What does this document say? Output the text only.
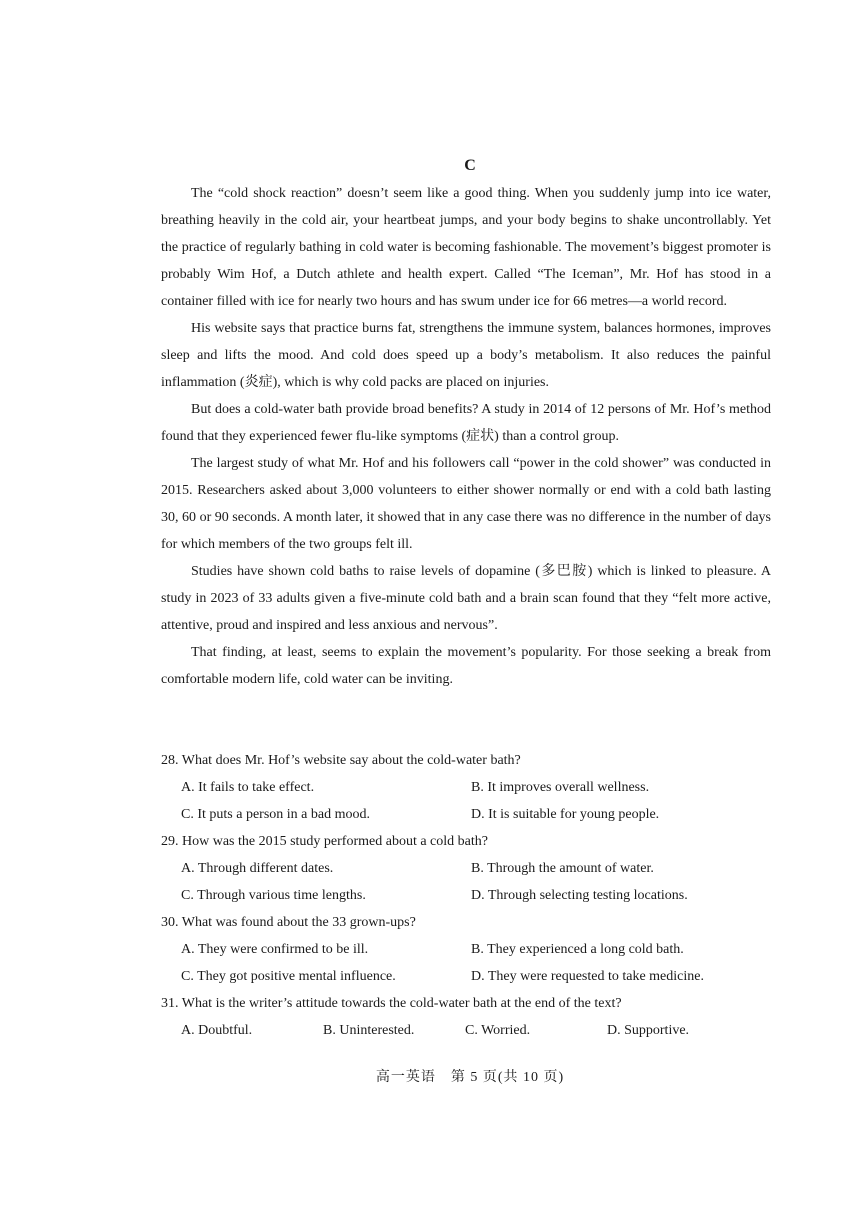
C

The “cold shock reaction” doesn’t seem like a good thing. When you suddenly jump into ice water, breathing heavily in the cold air, your heartbeat jumps, and your body begins to shake uncontrollably. Yet the practice of regularly bathing in cold water is becoming fashionable. The movement’s biggest promoter is probably Wim Hof, a Dutch athlete and health expert. Called “The Iceman”, Mr. Hof has stood in a container filled with ice for nearly two hours and has swum under ice for 66 metres—a world record.

His website says that practice burns fat, strengthens the immune system, balances hormones, improves sleep and lifts the mood. And cold does speed up a body’s metabolism. It also reduces the painful inflammation (炎症), which is why cold packs are placed on injuries.

But does a cold-water bath provide broad benefits? A study in 2014 of 12 persons of Mr. Hof’s method found that they experienced fewer flu-like symptoms (症状) than a control group.

The largest study of what Mr. Hof and his followers call “power in the cold shower” was conducted in 2015. Researchers asked about 3,000 volunteers to either shower normally or end with a cold bath lasting 30, 60 or 90 seconds. A month later, it showed that in any case there was no difference in the number of days for which members of the two groups felt ill.

Studies have shown cold baths to raise levels of dopamine (多巴胺) which is linked to pleasure. A study in 2023 of 33 adults given a five-minute cold bath and a brain scan found that they “felt more active, attentive, proud and inspired and less anxious and nervous”.

That finding, at least, seems to explain the movement’s popularity. For those seeking a break from comfortable modern life, cold water can be inviting.

28. What does Mr. Hof’s website say about the cold-water bath?
A. It fails to take effect.	B. It improves overall wellness.
C. It puts a person in a bad mood.	D. It is suitable for young people.
29. How was the 2015 study performed about a cold bath?
A. Through different dates.	B. Through the amount of water.
C. Through various time lengths.	D. Through selecting testing locations.
30. What was found about the 33 grown-ups?
A. They were confirmed to be ill.	B. They experienced a long cold bath.
C. They got positive mental influence.	D. They were requested to take medicine.
31. What is the writer’s attitude towards the cold-water bath at the end of the text?
A. Doubtful.	B. Uninterested.	C. Worried.	D. Supportive.
高一英语　第 5 页(共 10 页)
